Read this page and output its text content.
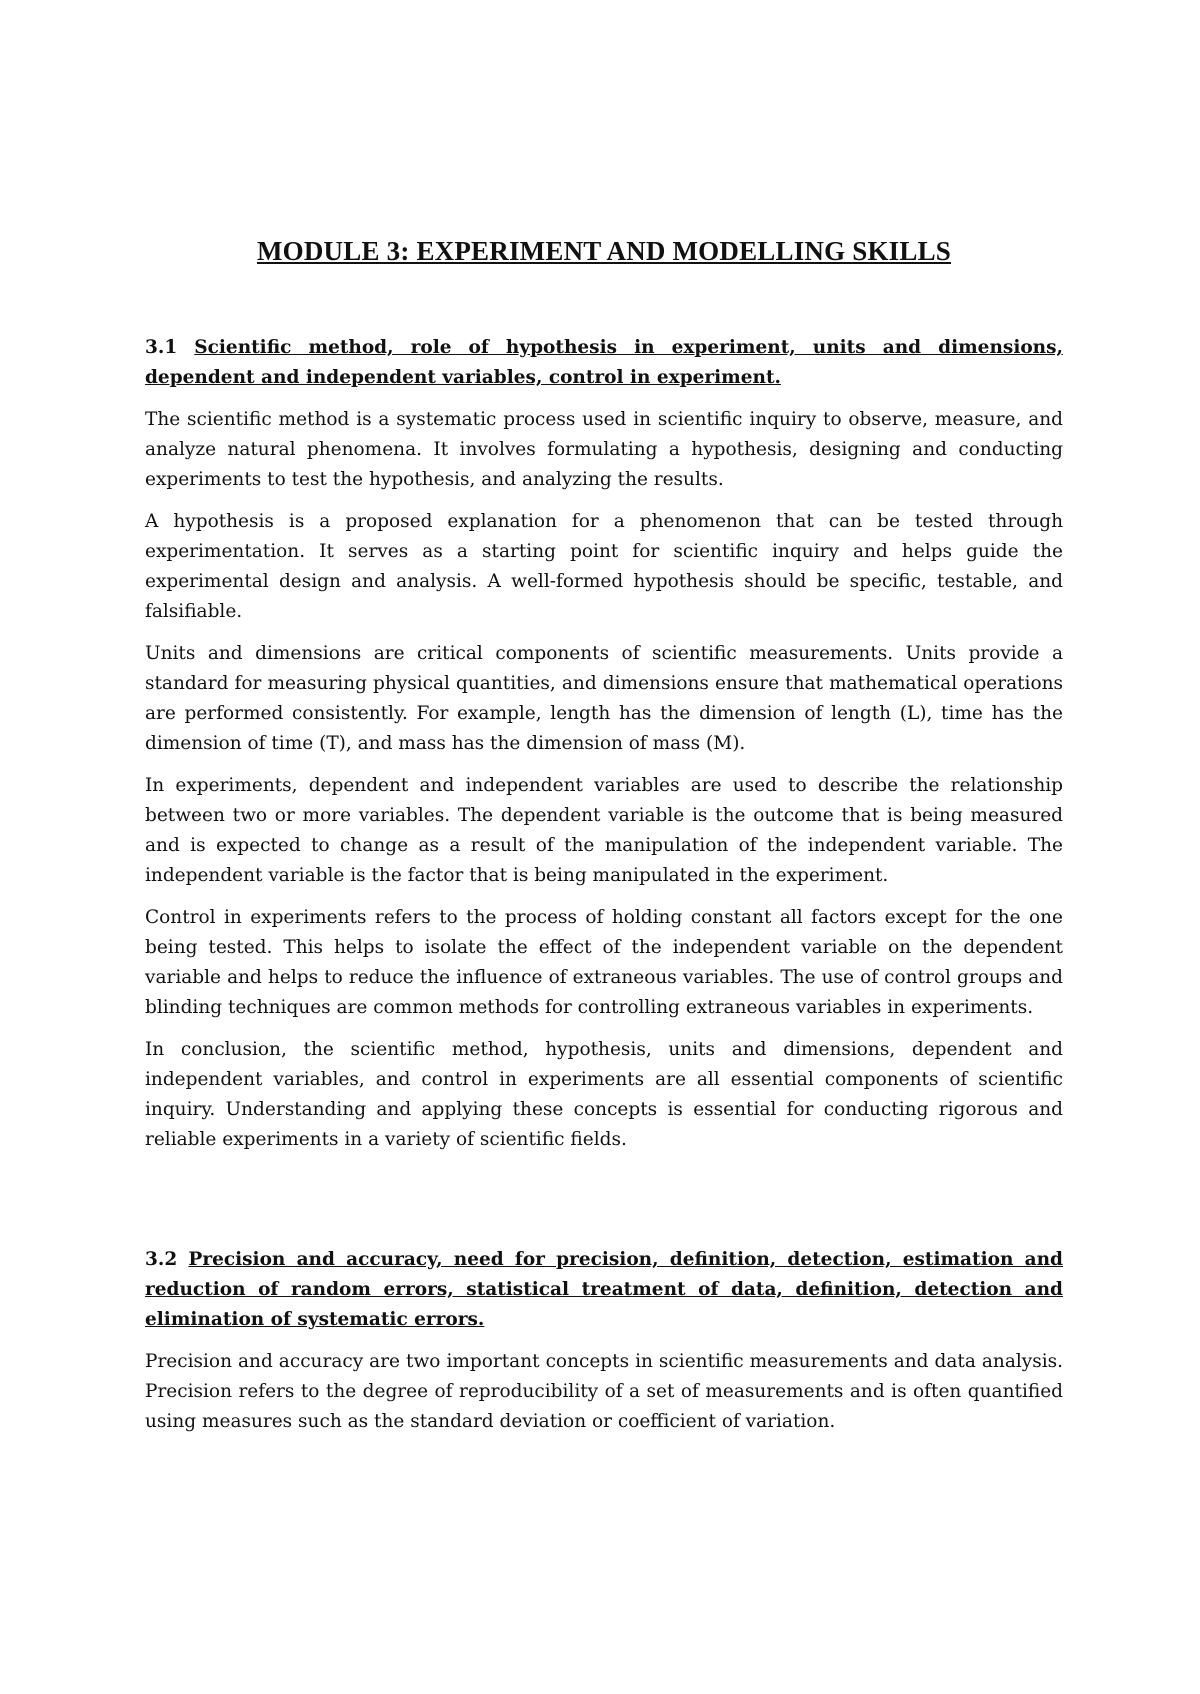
MODULE 3: EXPERIMENT AND MODELLING SKILLS

3.1 Scientific method, role of hypothesis in experiment, units and dimensions, dependent and independent variables, control in experiment.

The scientific method is a systematic process used in scientific inquiry to observe, measure, and analyze natural phenomena. It involves formulating a hypothesis, designing and conducting experiments to test the hypothesis, and analyzing the results.

A hypothesis is a proposed explanation for a phenomenon that can be tested through experimentation. It serves as a starting point for scientific inquiry and helps guide the experimental design and analysis. A well-formed hypothesis should be specific, testable, and falsifiable.

Units and dimensions are critical components of scientific measurements. Units provide a standard for measuring physical quantities, and dimensions ensure that mathematical operations are performed consistently. For example, length has the dimension of length (L), time has the dimension of time (T), and mass has the dimension of mass (M).

In experiments, dependent and independent variables are used to describe the relationship between two or more variables. The dependent variable is the outcome that is being measured and is expected to change as a result of the manipulation of the independent variable. The independent variable is the factor that is being manipulated in the experiment.

Control in experiments refers to the process of holding constant all factors except for the one being tested. This helps to isolate the effect of the independent variable on the dependent variable and helps to reduce the influence of extraneous variables. The use of control groups and blinding techniques are common methods for controlling extraneous variables in experiments.

In conclusion, the scientific method, hypothesis, units and dimensions, dependent and independent variables, and control in experiments are all essential components of scientific inquiry. Understanding and applying these concepts is essential for conducting rigorous and reliable experiments in a variety of scientific fields.

3.2 Precision and accuracy, need for precision, definition, detection, estimation and reduction of random errors, statistical treatment of data, definition, detection and elimination of systematic errors.

Precision and accuracy are two important concepts in scientific measurements and data analysis. Precision refers to the degree of reproducibility of a set of measurements and is often quantified using measures such as the standard deviation or coefficient of variation.
